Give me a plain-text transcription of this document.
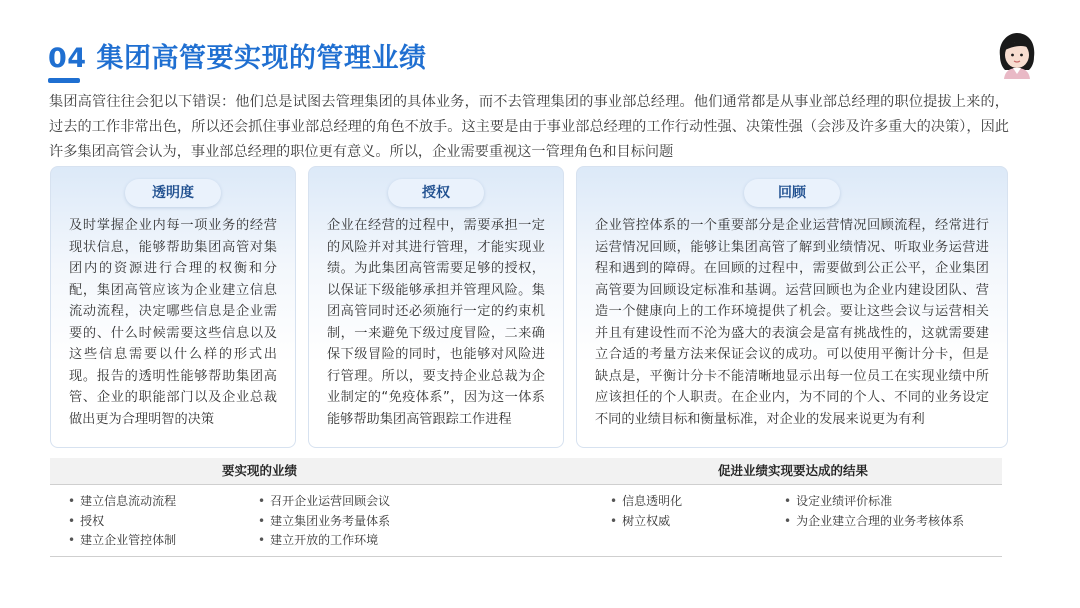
04 集团高管要实现的管理业绩
集团高管往往会犯以下错误：他们总是试图去管理集团的具体业务，而不去管理集团的事业部总经理。他们通常都是从事业部总经理的职位提拔上来的，过去的工作非常出色，所以还会抓住事业部总经理的角色不放手。这主要是由于事业部总经理的工作行动性强、决策性强（会涉及许多重大的决策），因此许多集团高管会认为，事业部总经理的职位更有意义。所以，企业需要重视这一管理角色和目标问题
透明度
及时掌握企业内每一项业务的经营现状信息，能够帮助集团高管对集团内的资源进行合理的权衡和分配，集团高管应该为企业建立信息流动流程，决定哪些信息是企业需要的、什么时候需要这些信息以及这些信息需要以什么样的形式出现。报告的透明性能够帮助集团高管、企业的职能部门以及企业总裁做出更为合理明智的决策
授权
企业在经营的过程中，需要承担一定的风险并对其进行管理，才能实现业绩。为此集团高管需要足够的授权，以保证下级能够承担并管理风险。集团高管同时还必须施行一定的约束机制，一来避免下级过度冒险，二来确保下级冒险的同时，也能够对风险进行管理。所以，要支持企业总裁为企业制定的“免疫体系”，因为这一体系能够帮助集团高管跟踪工作进程
回顾
企业管控体系的一个重要部分是企业运营情况回顾流程，经常进行运营情况回顾，能够让集团高管了解到业绩情况、听取业务运营进程和遇到的障碍。在回顾的过程中，需要做到公正公平，企业集团高管要为回顾设定标准和基调。运营回顾也为企业内建设团队、营造一个健康向上的工作环境提供了机会。要让这些会议与运营相关并且有建设性而不沦为盛大的表演会是富有挑战性的，这就需要建立合适的考量方法来保证会议的成功。可以使用平衡计分卡，但是缺点是，平衡计分卡不能清晰地显示出每一位员工在实现业绩中所应该担任的个人职责。在企业内，为不同的个人、不同的业务设定不同的业绩目标和衡量标准，对企业的发展来说更为有利
要实现的业绩	促进业绩实现要达成的结果
• 建立信息流动流程
• 授权
• 建立企业管控体制
• 召开企业运营回顾会议
• 建立集团业务考量体系
• 建立开放的工作环境
• 信息透明化
• 树立权威
• 设定业绩评价标准
• 为企业建立合理的业务考核体系
